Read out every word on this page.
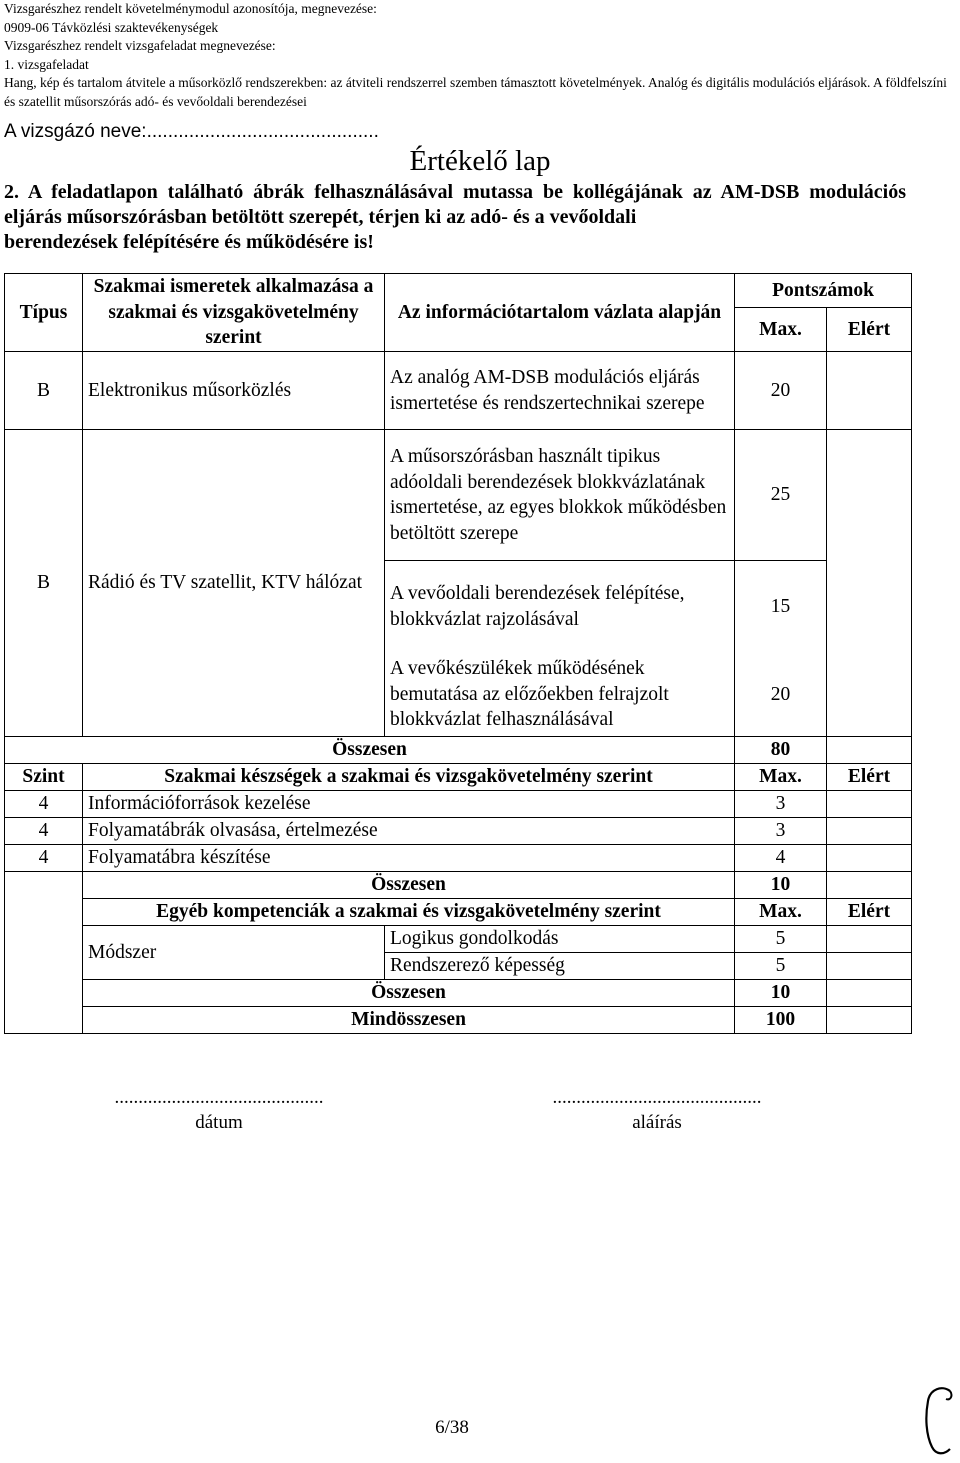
Vizsgarészhez rendelt követelménymodul azonosítója, megnevezése:
0909-06 Távközlési szaktevékenységek
Vizsgarészhez rendelt vizsgafeladat megnevezése:
1. vizsgafeladat
Hang, kép és tartalom átvitele a műsorközlő rendszerekben: az átviteli rendszerrel szemben támasztott követelmények. Analóg és digitális modulációs eljárások. A földfelszíni és szatellit műsorszórás adó- és vevőoldali berendezései
A vizsgázó neve:............................................
Értékelő lap
2. A feladatlapon található ábrák felhasználásával mutassa be kollégájának az AM-DSB modulációs eljárás műsorszórásban betöltött szerepét, térjen ki az adó- és a vevőoldali
berendezések felépítésére és működésére is!
Típus	Szakmai ismeretek alkalmazása a szakmai és vizsgakövetelmény szerint	Az információtartalom vázlata alapján	Pontszámok	
			Max.	Elért
B	Elektronikus műsorközlés	Az analóg AM-DSB modulációs eljárás ismertetése és rendszertechnikai szerepe	20	
B	Rádió és TV szatellit, KTV hálózat	A műsorszórásban használt tipikus adóoldali berendezések blokkvázlatának ismertetése, az egyes blokkok működésben betöltött szerepe	25	
		A vevőoldali berendezések felépítése, blokkvázlat rajzolásával	15	
		A vevőkészülékek működésének bemutatása az előzőekben felrajzolt blokkvázlat felhasználásával	20	
Összesen			80	
Szint	Szakmai készségek a szakmai és vizsgakövetelmény szerint		Max.	Elért
4	Információforrások kezelése		3	
4	Folyamatábrák olvasása, értelmezése		3	
4	Folyamatábra készítése		4	
	Összesen		10	
	Egyéb kompetenciák a szakmai és vizsgakövetelmény szerint		Max.	Elért
	Módszer	Logikus gondolkodás	5	
		Rendszerező képesség	5	
	Összesen		10	
	Mindösszesen		100	
............................................
dátum
............................................
aláírás
6/38
